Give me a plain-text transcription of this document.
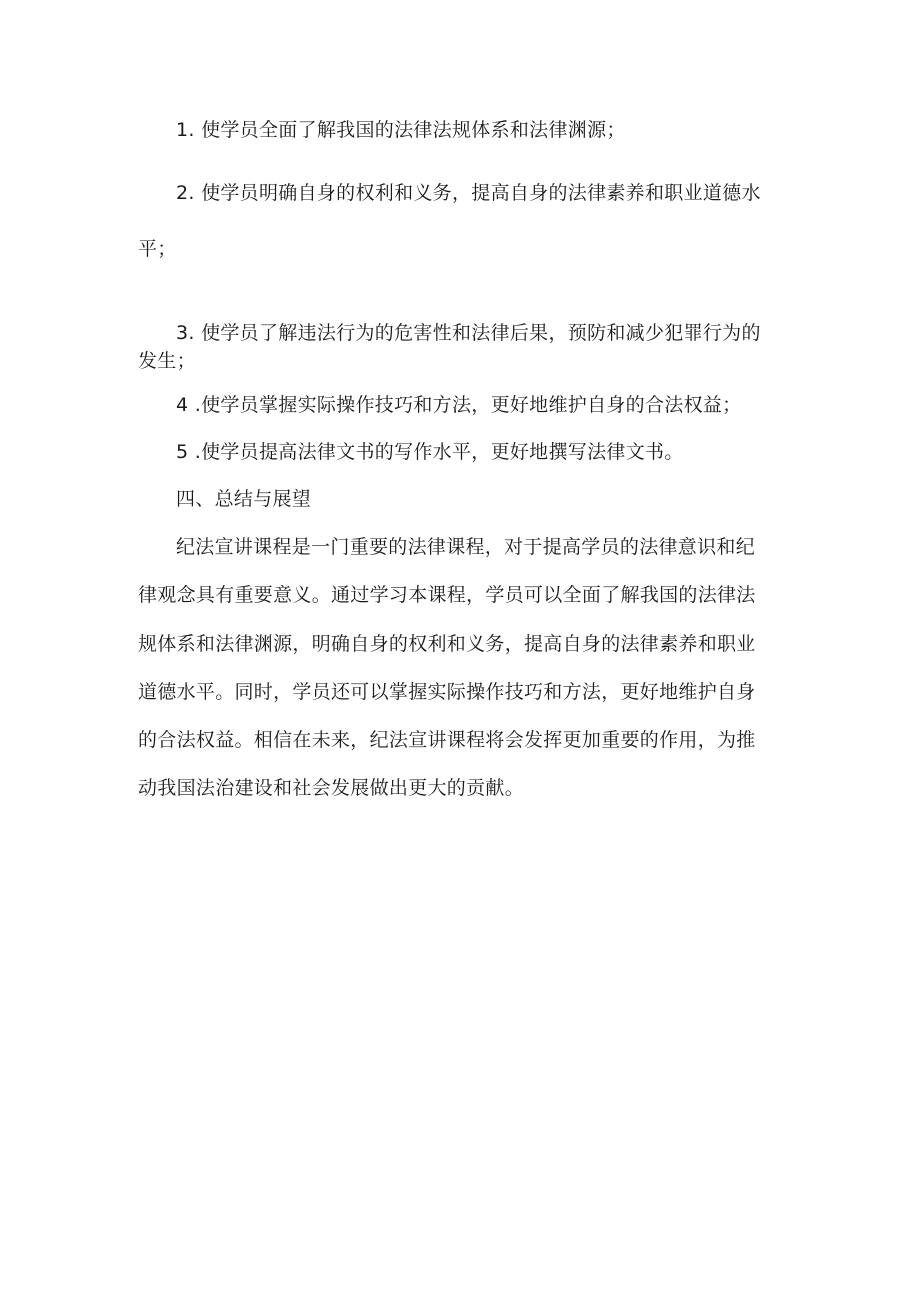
1. 使学员全面了解我国的法律法规体系和法律渊源；
2. 使学员明确自身的权利和义务，提高自身的法律素养和职业道德水
平；
3. 使学员了解违法行为的危害性和法律后果，预防和减少犯罪行为的
发生；
4 .使学员掌握实际操作技巧和方法，更好地维护自身的合法权益；
5 .使学员提高法律文书的写作水平，更好地撰写法律文书。
四、总结与展望
纪法宣讲课程是一门重要的法律课程，对于提高学员的法律意识和纪
律观念具有重要意义。通过学习本课程，学员可以全面了解我国的法律法
规体系和法律渊源，明确自身的权利和义务，提高自身的法律素养和职业
道德水平。同时，学员还可以掌握实际操作技巧和方法，更好地维护自身
的合法权益。相信在未来，纪法宣讲课程将会发挥更加重要的作用，为推
动我国法治建设和社会发展做出更大的贡献。
